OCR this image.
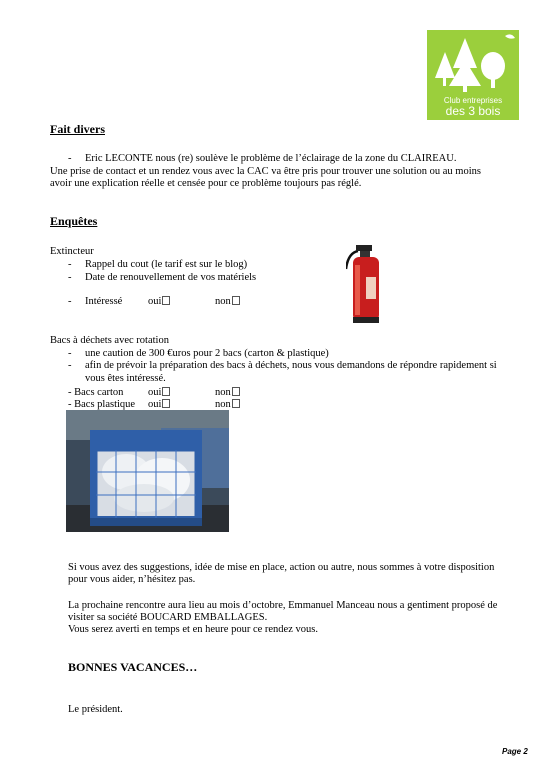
Club entreprises
des 3 bois
Fait divers
- Eric LECONTE nous (re) soulève le problème de l’éclairage de la zone du CLAIREAU.
Une prise de contact et un rendez vous avec la CAC va être pris pour trouver une solution ou au moins
avoir une explication réelle et censée pour ce problème toujours pas réglé.
Enquêtes
Extincteur
- Rappel du cout (le tarif est sur le blog)
- Date de renouvellement de vos matériels
- Intéressé oui	non
Bacs à déchets avec rotation
- une caution de 300 €uros pour 2 bacs (carton & plastique)
- afin de prévoir la préparation des bacs à déchets, nous vous demandons de répondre rapidement si
vous êtes intéressé.
- Bacs carton oui	non
- Bacs plastique oui	non
Si vous avez des suggestions, idée de mise en place, action ou autre, nous sommes à votre disposition
pour vous aider, n’hésitez pas.
La prochaine rencontre aura lieu au mois d’octobre, Emmanuel Manceau nous a gentiment proposé de
visiter sa société BOUCARD EMBALLAGES.
Vous serez averti en temps et en heure pour ce rendez vous.
BONNES VACANCES…
Le président.
Page 2
